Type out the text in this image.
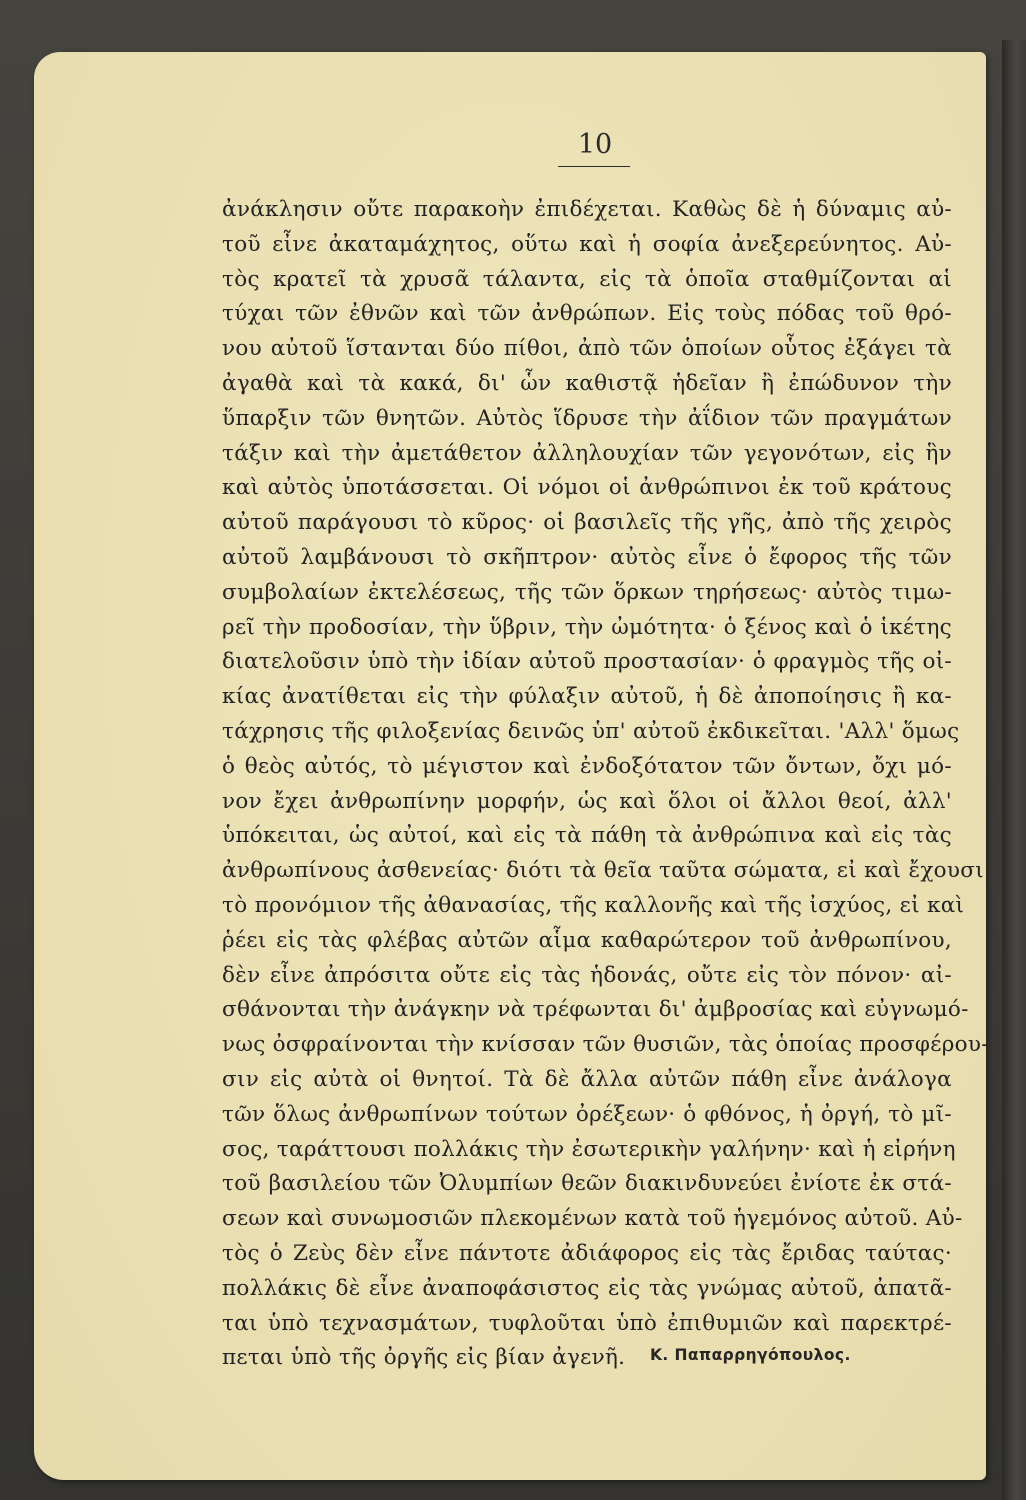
10
ἀνάκλησιν οὔτε παρακοὴν ἐπιδέχεται. Καθὼς δὲ ἡ δύναμις αὐ-
τοῦ εἶνε ἀκαταμάχητος, οὕτω καὶ ἡ σοφία ἀνεξερεύνητος. Αὐ-
τὸς κρατεῖ τὰ χρυσᾶ τάλαντα, εἰς τὰ ὁποῖα σταθμίζονται αἱ
τύχαι τῶν ἐθνῶν καὶ τῶν ἀνθρώπων. Εἰς τοὺς πόδας τοῦ θρό-
νου αὐτοῦ ἵστανται δύο πίθοι, ἀπὸ τῶν ὁποίων οὗτος ἐξάγει τὰ
ἀγαθὰ καὶ τὰ κακά, δι' ὧν καθιστᾷ ἡδεῖαν ἢ ἐπώδυνον τὴν
ὕπαρξιν τῶν θνητῶν. Αὐτὸς ἵδρυσε τὴν ἀΐδιον τῶν πραγμάτων
τάξιν καὶ τὴν ἀμετάθετον ἀλληλουχίαν τῶν γεγονότων, εἰς ἣν
καὶ αὐτὸς ὑποτάσσεται. Οἱ νόμοι οἱ ἀνθρώπινοι ἐκ τοῦ κράτους
αὐτοῦ παράγουσι τὸ κῦρος· οἱ βασιλεῖς τῆς γῆς, ἀπὸ τῆς χειρὸς
αὐτοῦ λαμβάνουσι τὸ σκῆπτρον· αὐτὸς εἶνε ὁ ἔφορος τῆς τῶν
συμβολαίων ἐκτελέσεως, τῆς τῶν ὅρκων τηρήσεως· αὐτὸς τιμω-
ρεῖ τὴν προδοσίαν, τὴν ὕβριν, τὴν ὠμότητα· ὁ ξένος καὶ ὁ ἱκέτης
διατελοῦσιν ὑπὸ τὴν ἰδίαν αὐτοῦ προστασίαν· ὁ φραγμὸς τῆς οἰ-
κίας ἀνατίθεται εἰς τὴν φύλαξιν αὐτοῦ, ἡ δὲ ἀποποίησις ἢ κα-
τάχρησις τῆς φιλοξενίας δεινῶς ὑπ' αὐτοῦ ἐκδικεῖται. 'Αλλ' ὅμως
ὁ θεὸς αὐτός, τὸ μέγιστον καὶ ἐνδοξότατον τῶν ὄντων, ὄχι μό-
νον ἔχει ἀνθρωπίνην μορφήν, ὡς καὶ ὅλοι οἱ ἄλλοι θεοί, ἀλλ'
ὑπόκειται, ὡς αὐτοί, καὶ εἰς τὰ πάθη τὰ ἀνθρώπινα καὶ εἰς τὰς
ἀνθρωπίνους ἀσθενείας· διότι τὰ θεῖα ταῦτα σώματα, εἰ καὶ ἔχουσι
τὸ προνόμιον τῆς ἀθανασίας, τῆς καλλονῆς καὶ τῆς ἰσχύος, εἰ καὶ
ῥέει εἰς τὰς φλέβας αὐτῶν αἷμα καθαρώτερον τοῦ ἀνθρωπίνου,
δὲν εἶνε ἀπρόσιτα οὔτε εἰς τὰς ἡδονάς, οὔτε εἰς τὸν πόνον· αἰ-
σθάνονται τὴν ἀνάγκην νὰ τρέφωνται δι' ἀμβροσίας καὶ εὐγνωμό-
νως ὀσφραίνονται τὴν κνίσσαν τῶν θυσιῶν, τὰς ὁποίας προσφέρου-
σιν εἰς αὐτὰ οἱ θνητοί. Τὰ δὲ ἄλλα αὐτῶν πάθη εἶνε ἀνάλογα
τῶν ὅλως ἀνθρωπίνων τούτων ὀρέξεων· ὁ φθόνος, ἡ ὀργή, τὸ μῖ-
σος, ταράττουσι πολλάκις τὴν ἐσωτερικὴν γαλήνην· καὶ ἡ εἰρήνη
τοῦ βασιλείου τῶν Ὀλυμπίων θεῶν διακινδυνεύει ἐνίοτε ἐκ στά-
σεων καὶ συνωμοσιῶν πλεκομένων κατὰ τοῦ ἡγεμόνος αὐτοῦ. Αὐ-
τὸς ὁ Ζεὺς δὲν εἶνε πάντοτε ἀδιάφορος εἰς τὰς ἔριδας ταύτας·
πολλάκις δὲ εἶνε ἀναποφάσιστος εἰς τὰς γνώμας αὐτοῦ, ἀπατᾶ-
ται ὑπὸ τεχνασμάτων, τυφλοῦται ὑπὸ ἐπιθυμιῶν καὶ παρεκτρέ-
πεται ὑπὸ τῆς ὀργῆς εἰς βίαν ἀγενῆ.	Κ. Παπαρρηγόπουλος.
